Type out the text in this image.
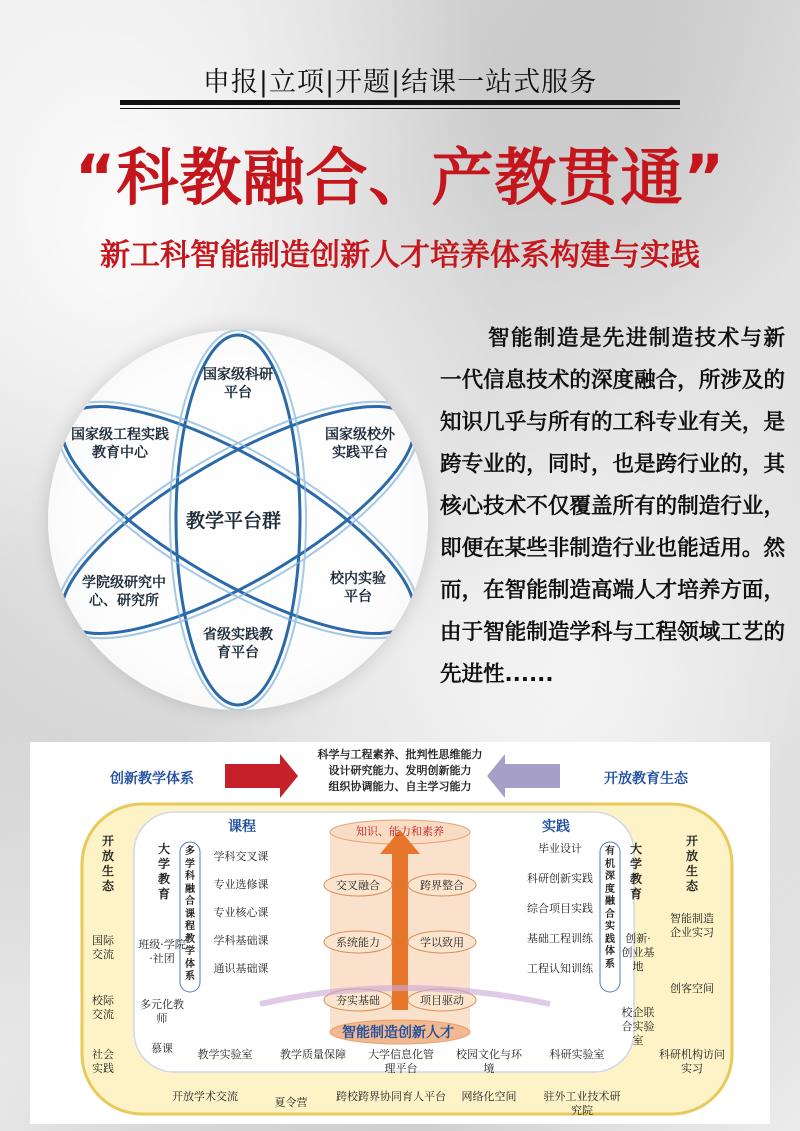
申报|立项|开题|结课一站式服务
“科教融合、产教贯通”
新工科智能制造创新人才培养体系构建与实践
教学平台群
国家级科研平台
国家级校外实践平台
校内实验平台
省级实践教育平台
学院级研究中心、研究所
国家级工程实践教育中心
智能制造是先进制造技术与新一代信息技术的深度融合，所涉及的知识几乎与所有的工科专业有关，是跨专业的，同时，也是跨行业的，其核心技术不仅覆盖所有的制造行业，即便在某些非制造行业也能适用。然而，在智能制造高端人才培养方面，由于智能制造学科与工程领域工艺的先进性......
创新教学体系	开放教育生态
科学与工程素养、批判性思维能力
设计研究能力、发明创新能力
组织协调能力、自主学习能力
课程	实践
知识、能力和素养
学科交叉课
专业选修课
专业核心课
学科基础课
通识基础课
毕业设计
科研创新实践
综合项目实践
基础工程训练
工程认知训练
多学科融合课程教学体系
有机深度融合实践体系
交叉融合	跨界整合
系统能力	学以致用
夯实基础	项目驱动
智能制造创新人才
大学教育
大学教育
班级·学院·社团
多元化教师
慕课
创新·创业基地
校企联合实验室
开放生态
开放生态
国际交流
校际交流
社会实践
智能制造企业实习
创客空间
科研机构访问实习
教学实验室	教学质量保障 大学信息化管理平台
校园文化与环境
科研实验室
开放学术交流	夏令营	跨校跨界协同育人平台	网络化空间	驻外工业技术研究院
